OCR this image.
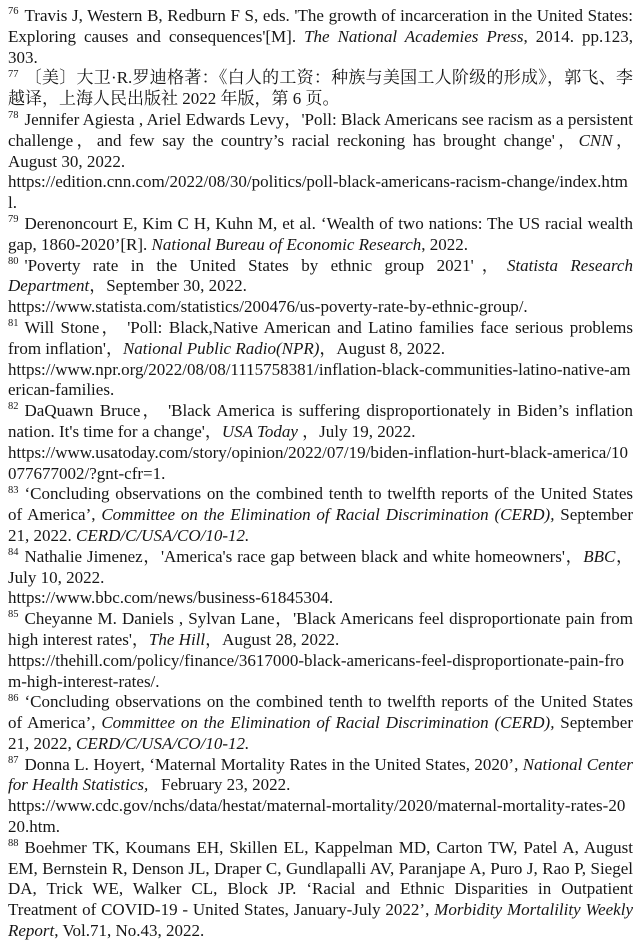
$^{76}$ Travis J, Western B, Redburn F S, eds. 'The growth of incarceration in the United States: Exploring causes and consequences'[M]. The National Academies Press, 2014. pp.123, 303.

$^{77}$ 〔美〕大卫·R.罗迪格著：《白人的工资：种族与美国工人阶级的形成》，郭飞、李越译，上海人民出版社 2022 年版，第 6 页。

$^{78}$ Jennifer Agiesta , Ariel Edwards Levy，'Poll: Black Americans see racism as a persistent challenge，and few say the country’s racial reckoning has brought change'，CNN，August 30, 2022.
https://edition.cnn.com/2022/08/30/politics/poll-black-americans-racism-change/index.html.

$^{79}$ Derenoncourt E, Kim C H, Kuhn M, et al. ‘Wealth of two nations: The US racial wealth gap, 1860-2020’[R]. National Bureau of Economic Research, 2022.

$^{80}$ 'Poverty rate in the United States by ethnic group 2021'，Statista Research Department，September 30, 2022.
https://www.statista.com/statistics/200476/us-poverty-rate-by-ethnic-group/.

$^{81}$ Will Stone， 'Poll: Black,Native American and Latino families face serious problems from inflation'，National Public Radio(NPR)，August 8, 2022.
https://www.npr.org/2022/08/08/1115758381/inflation-black-communities-latino-native-american-families.

$^{82}$ DaQuawn Bruce， 'Black America is suffering disproportionately in Biden’s inflation nation. It's time for a change'，USA Today ，July 19, 2022.
https://www.usatoday.com/story/opinion/2022/07/19/biden-inflation-hurt-black-america/10077677002/?gnt-cfr=1.

$^{83}$ ‘Concluding observations on the combined tenth to twelfth reports of the United States of America’, Committee on the Elimination of Racial Discrimination (CERD), September 21, 2022. CERD/C/USA/CO/10-12.

$^{84}$ Nathalie Jimenez，'America's race gap between black and white homeowners'，BBC，July 10, 2022.
https://www.bbc.com/news/business-61845304.

$^{85}$ Cheyanne M. Daniels , Sylvan Lane，'Black Americans feel disproportionate pain from high interest rates'，The Hill，August 28, 2022.
https://thehill.com/policy/finance/3617000-black-americans-feel-disproportionate-pain-from-high-interest-rates/.

$^{86}$ ‘Concluding observations on the combined tenth to twelfth reports of the United States of America’, Committee on the Elimination of Racial Discrimination (CERD), September 21, 2022, CERD/C/USA/CO/10-12.

$^{87}$ Donna L. Hoyert, ‘Maternal Mortality Rates in the United States, 2020’, National Center for Health Statistics,   February 23, 2022.
https://www.cdc.gov/nchs/data/hestat/maternal-mortality/2020/maternal-mortality-rates-2020.htm.

$^{88}$ Boehmer TK, Koumans EH, Skillen EL, Kappelman MD, Carton TW, Patel A, August EM, Bernstein R, Denson JL, Draper C, Gundlapalli AV, Paranjape A, Puro J, Rao P, Siegel DA, Trick WE, Walker CL, Block JP. ‘Racial and Ethnic Disparities in Outpatient Treatment of COVID-19 - United States, January-July 2022’, Morbidity Mortalility Weekly Report, Vol.71, No.43, 2022.
